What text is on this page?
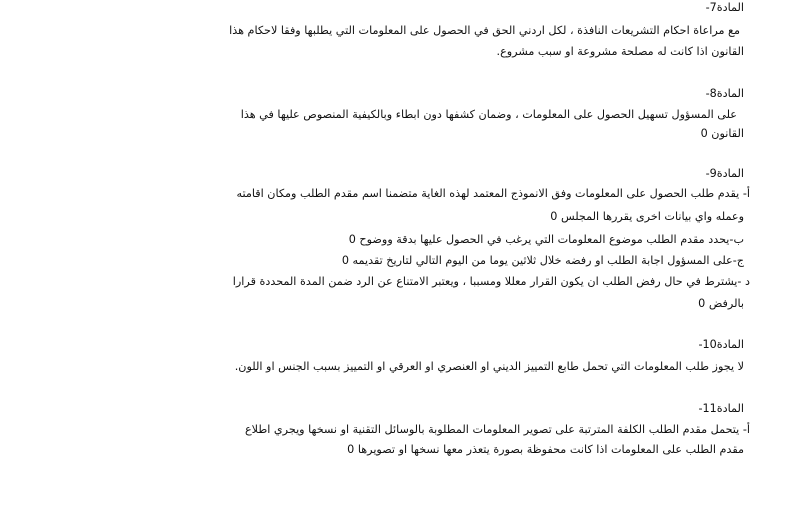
المادة7-
مع مراعاة احكام التشريعات النافذة ، لكل اردني الحق في الحصول على المعلومات التي يطلبها وفقا لاحكام هذا
القانون اذا كانت له مصلحة مشروعة او سبب مشروع.
المادة8-
على المسؤول تسهيل الحصول على المعلومات ، وضمان كشفها دون ابطاء وبالكيفية المنصوص عليها في هذا
القانون 0
المادة9-
أ- يقدم طلب الحصول على المعلومات وفق الانموذج المعتمد لهذه الغاية متضمنا اسم مقدم الطلب ومكان اقامته
وعمله واي بيانات اخرى يقررها المجلس 0
ب-يحدد مقدم الطلب موضوع المعلومات التي يرغب في الحصول عليها بدقة ووضوح 0
ج-على المسؤول اجابة الطلب او رفضه خلال ثلاثين يوما من اليوم التالي لتاريخ تقديمه 0
د -يشترط في حال رفض الطلب ان يكون القرار معللا ومسببا ، ويعتبر الامتناع عن الرد ضمن المدة المحددة قرارا
بالرفض 0
المادة10-
لا يجوز طلب المعلومات التي تحمل طابع التمييز الديني او العنصري او العرقي او التمييز بسبب الجنس او اللون.
المادة11-
أ- يتحمل مقدم الطلب الكلفة المترتبة على تصوير المعلومات المطلوبة بالوسائل التقنية او نسخها ويجري اطلاع
مقدم الطلب على المعلومات اذا كانت محفوظة بصورة يتعذر معها نسخها او تصويرها 0
